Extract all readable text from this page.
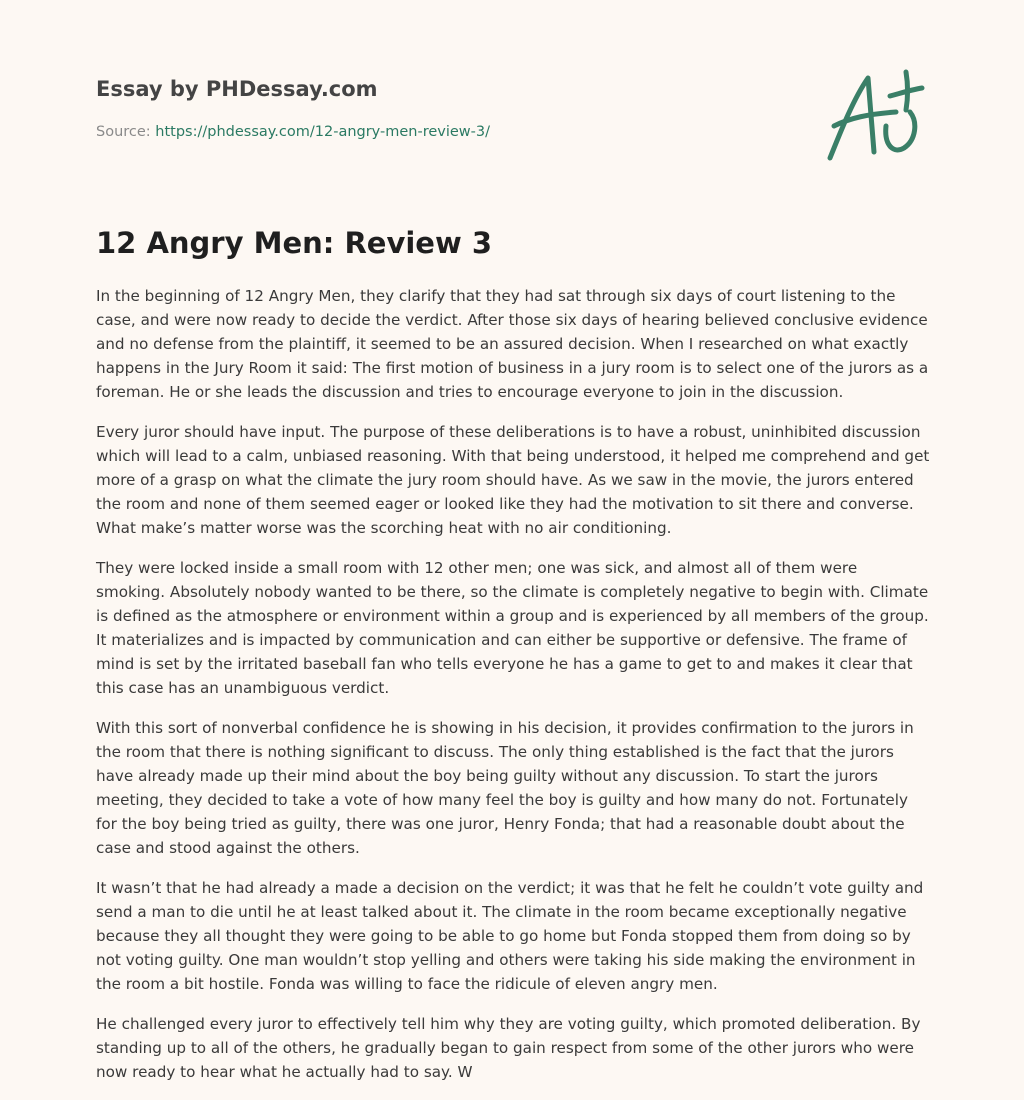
Essay by PHDessay.com
Source: https://phdessay.com/12-angry-men-review-3/
12 Angry Men: Review 3

In the beginning of 12 Angry Men, they clarify that they had sat through six days of court listening to the case, and were now ready to decide the verdict. After those six days of hearing believed conclusive evidence and no defense from the plaintiff, it seemed to be an assured decision. When I researched on what exactly happens in the Jury Room it said: The first motion of business in a jury room is to select one of the jurors as a foreman. He or she leads the discussion and tries to encourage everyone to join in the discussion.

Every juror should have input. The purpose of these deliberations is to have a robust, uninhibited discussion which will lead to a calm, unbiased reasoning. With that being understood, it helped me comprehend and get more of a grasp on what the climate the jury room should have. As we saw in the movie, the jurors entered the room and none of them seemed eager or looked like they had the motivation to sit there and converse. What make’s matter worse was the scorching heat with no air conditioning.

They were locked inside a small room with 12 other men; one was sick, and almost all of them were smoking. Absolutely nobody wanted to be there, so the climate is completely negative to begin with. Climate is defined as the atmosphere or environment within a group and is experienced by all members of the group. It materializes and is impacted by communication and can either be supportive or defensive. The frame of mind is set by the irritated baseball fan who tells everyone he has a game to get to and makes it clear that this case has an unambiguous verdict.

With this sort of nonverbal confidence he is showing in his decision, it provides confirmation to the jurors in the room that there is nothing significant to discuss. The only thing established is the fact that the jurors have already made up their mind about the boy being guilty without any discussion. To start the jurors meeting, they decided to take a vote of how many feel the boy is guilty and how many do not. Fortunately for the boy being tried as guilty, there was one juror, Henry Fonda; that had a reasonable doubt about the case and stood against the others.

It wasn’t that he had already a made a decision on the verdict; it was that he felt he couldn’t vote guilty and send a man to die until he at least talked about it. The climate in the room became exceptionally negative because they all thought they were going to be able to go home but Fonda stopped them from doing so by not voting guilty. One man wouldn’t stop yelling and others were taking his side making the environment in the room a bit hostile. Fonda was willing to face the ridicule of eleven angry men.

He challenged every juror to effectively tell him why they are voting guilty, which promoted deliberation. By standing up to all of the others, he gradually began to gain respect from some of the other jurors who were now ready to hear what he actually had to say. W
